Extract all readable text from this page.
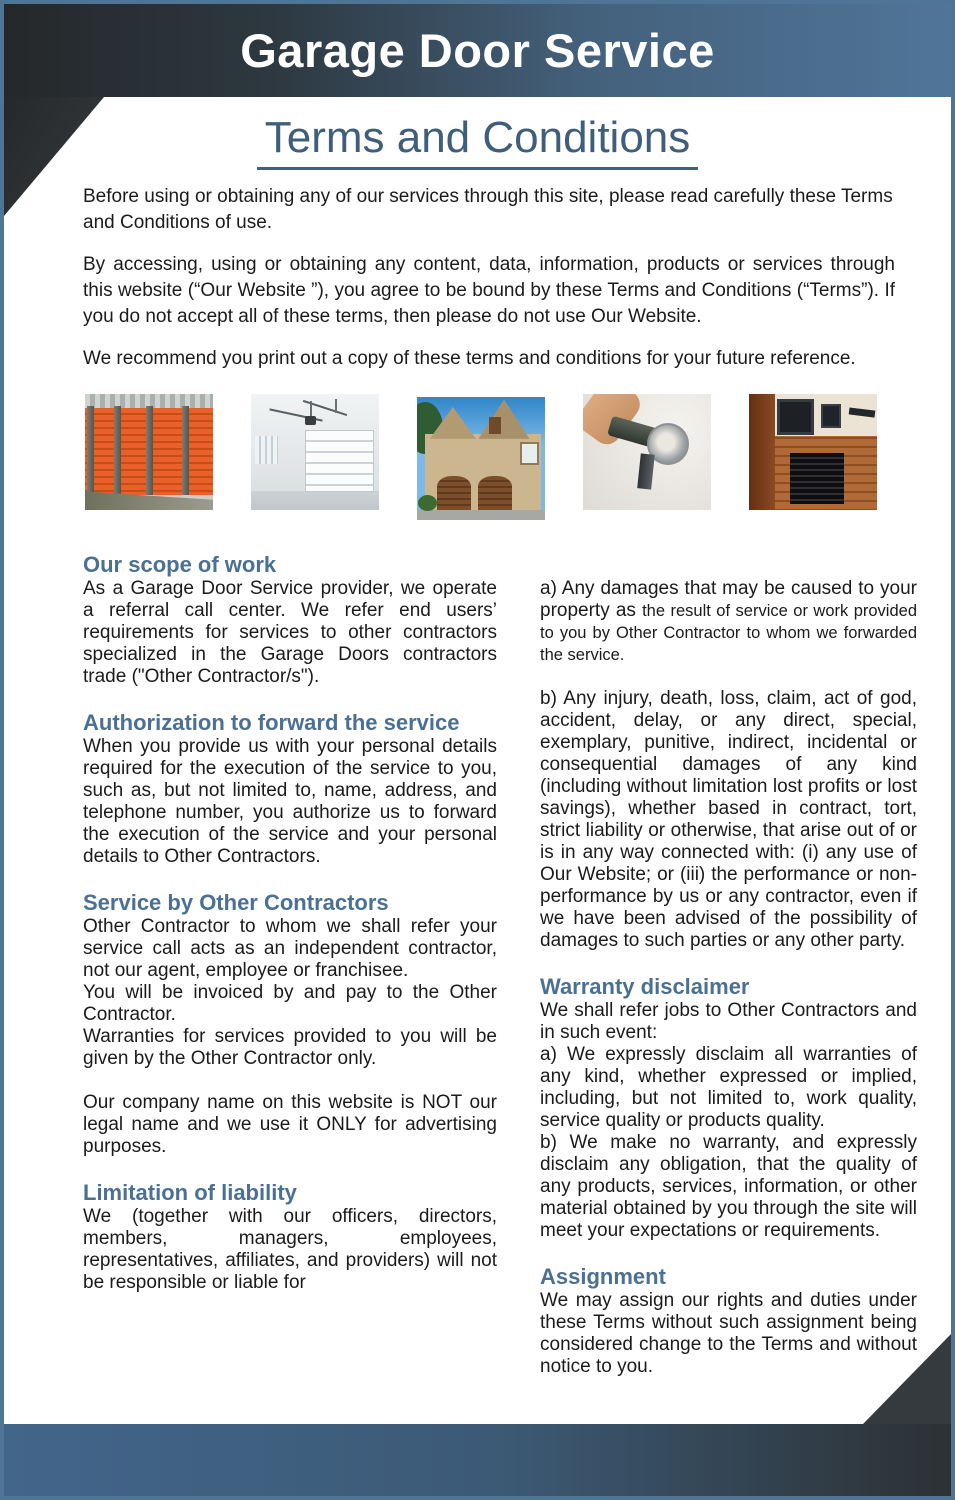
Garage Door Service
Terms and Conditions

Before using or obtaining any of our services through this site, please read carefully these Terms and Conditions of use.

By accessing, using or obtaining any content, data, information, products or services through this website (“Our Website ”), you agree to be bound by these Terms and Conditions (“Terms”). If you do not accept all of these terms, then please do not use Our Website.

We recommend you print out a copy of these terms and conditions for your future reference.

Our scope of work

As a Garage Door Service provider, we operate a referral call center. We refer end users’ requirements for services to other contractors specialized in the Garage Doors contractors trade ("Other Contractor/s").

Authorization to forward the service

When you provide us with your personal details required for the execution of the service to you, such as, but not limited to, name, address, and telephone number, you authorize us to forward the execution of the service and your personal details to Other Contractors.

Service by Other Contractors

Other Contractor to whom we shall refer your service call acts as an independent contractor, not our agent, employee or franchisee.

You will be invoiced by and pay to the Other Contractor.

Warranties for services provided to you will be given by the Other Contractor only.

Our company name on this website is NOT our legal name and we use it ONLY for advertising purposes.

Limitation of liability

We (together with our officers, directors, members, managers, employees, representatives, affiliates, and providers) will not be responsible or liable for

a) Any damages that may be caused to your property as the result of service or work provided to you by Other Contractor to whom we forwarded the service.

b) Any injury, death, loss, claim, act of god, accident, delay, or any direct, special, exemplary, punitive, indirect, incidental or consequential damages of any kind (including without limitation lost profits or lost savings), whether based in contract, tort, strict liability or otherwise, that arise out of or is in any way connected with: (i) any use of Our Website; or (iii) the performance or non-performance by us or any contractor, even if we have been advised of the possibility of damages to such parties or any other party.

Warranty disclaimer

We shall refer jobs to Other Contractors and in such event:

a) We expressly disclaim all warranties of any kind, whether expressed or implied, including, but not limited to, work quality, service quality or products quality.

b) We make no warranty, and expressly disclaim any obligation, that the quality of any products, services, information, or other material obtained by you through the site will meet your expectations or requirements.

Assignment

We may assign our rights and duties under these Terms without such assignment being considered change to the Terms and without notice to you.
